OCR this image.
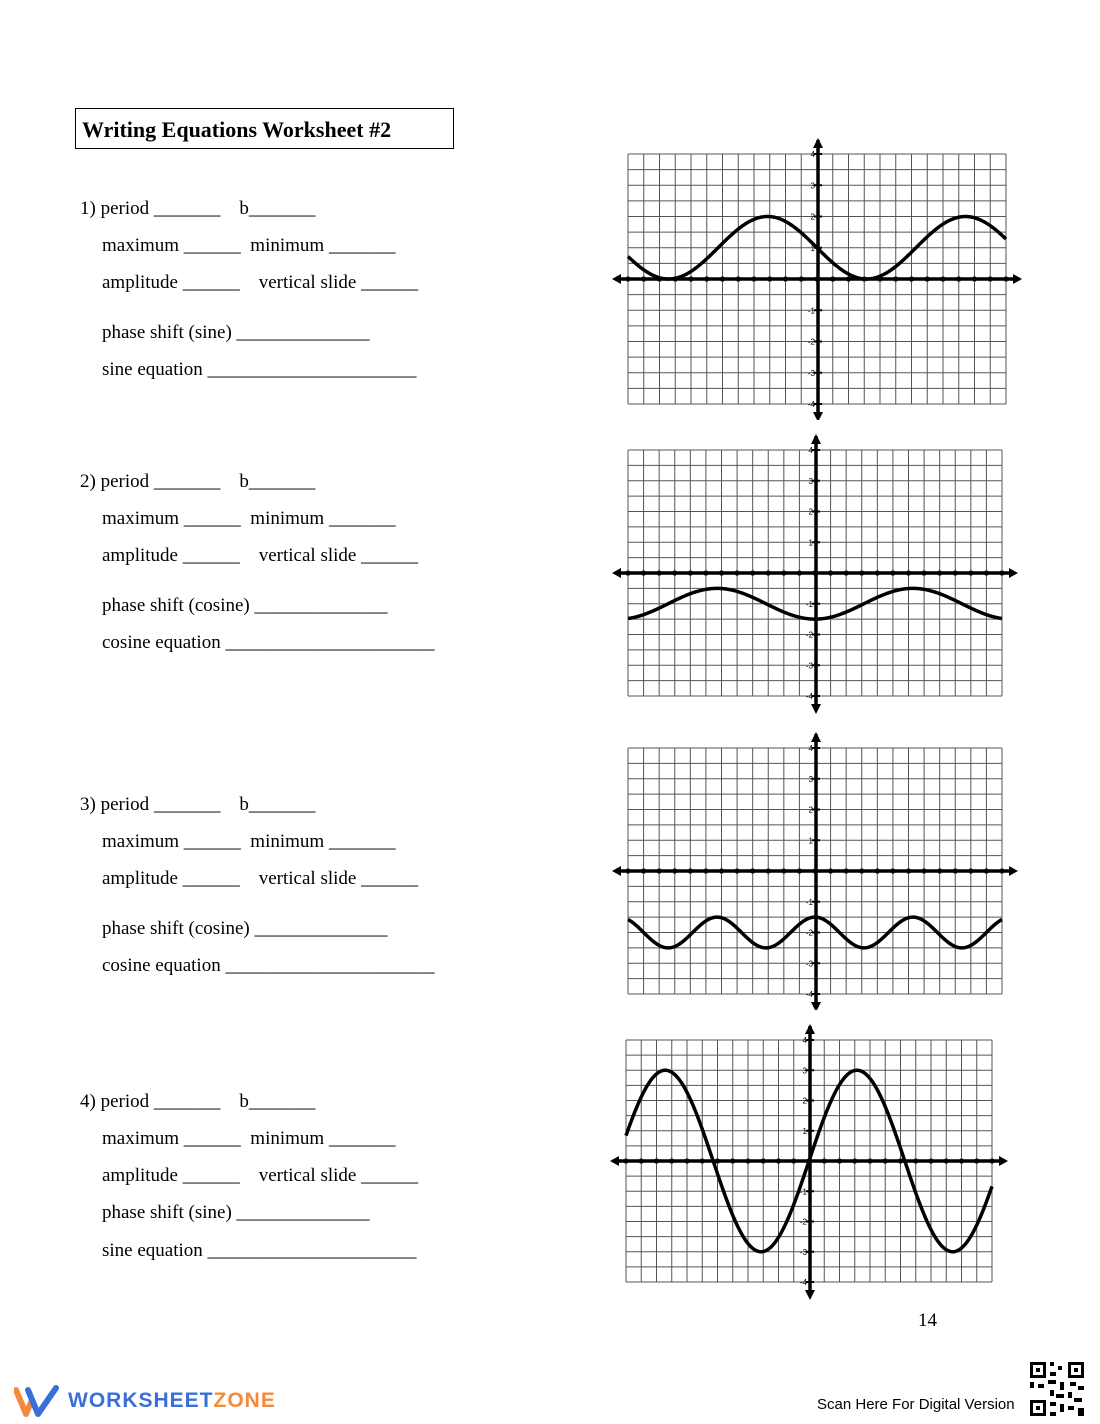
Writing Equations Worksheet #2
1) period _______    b_______
maximum ______  minimum _______
amplitude ______    vertical slide ______
phase shift (sine) ______________
sine equation ______________________
2) period _______    b_______
maximum ______  minimum _______
amplitude ______    vertical slide ______
phase shift (cosine) ______________
cosine equation ______________________
3) period _______    b_______
maximum ______  minimum _______
amplitude ______    vertical slide ______
phase shift (cosine) ______________
cosine equation ______________________
4) period _______    b_______
maximum ______  minimum _______
amplitude ______    vertical slide ______
phase shift (sine) ______________
sine equation ______________________
4
3
2
1
-1
-2
-3
-4
4
3
2
1
-1
-2
-3
-4
4
3
2
1
-1
-2
-3
-4
4
3
2
1
-1
-2
-3
-4
14
WORKSHEETZONE	Scan Here For Digital Version
